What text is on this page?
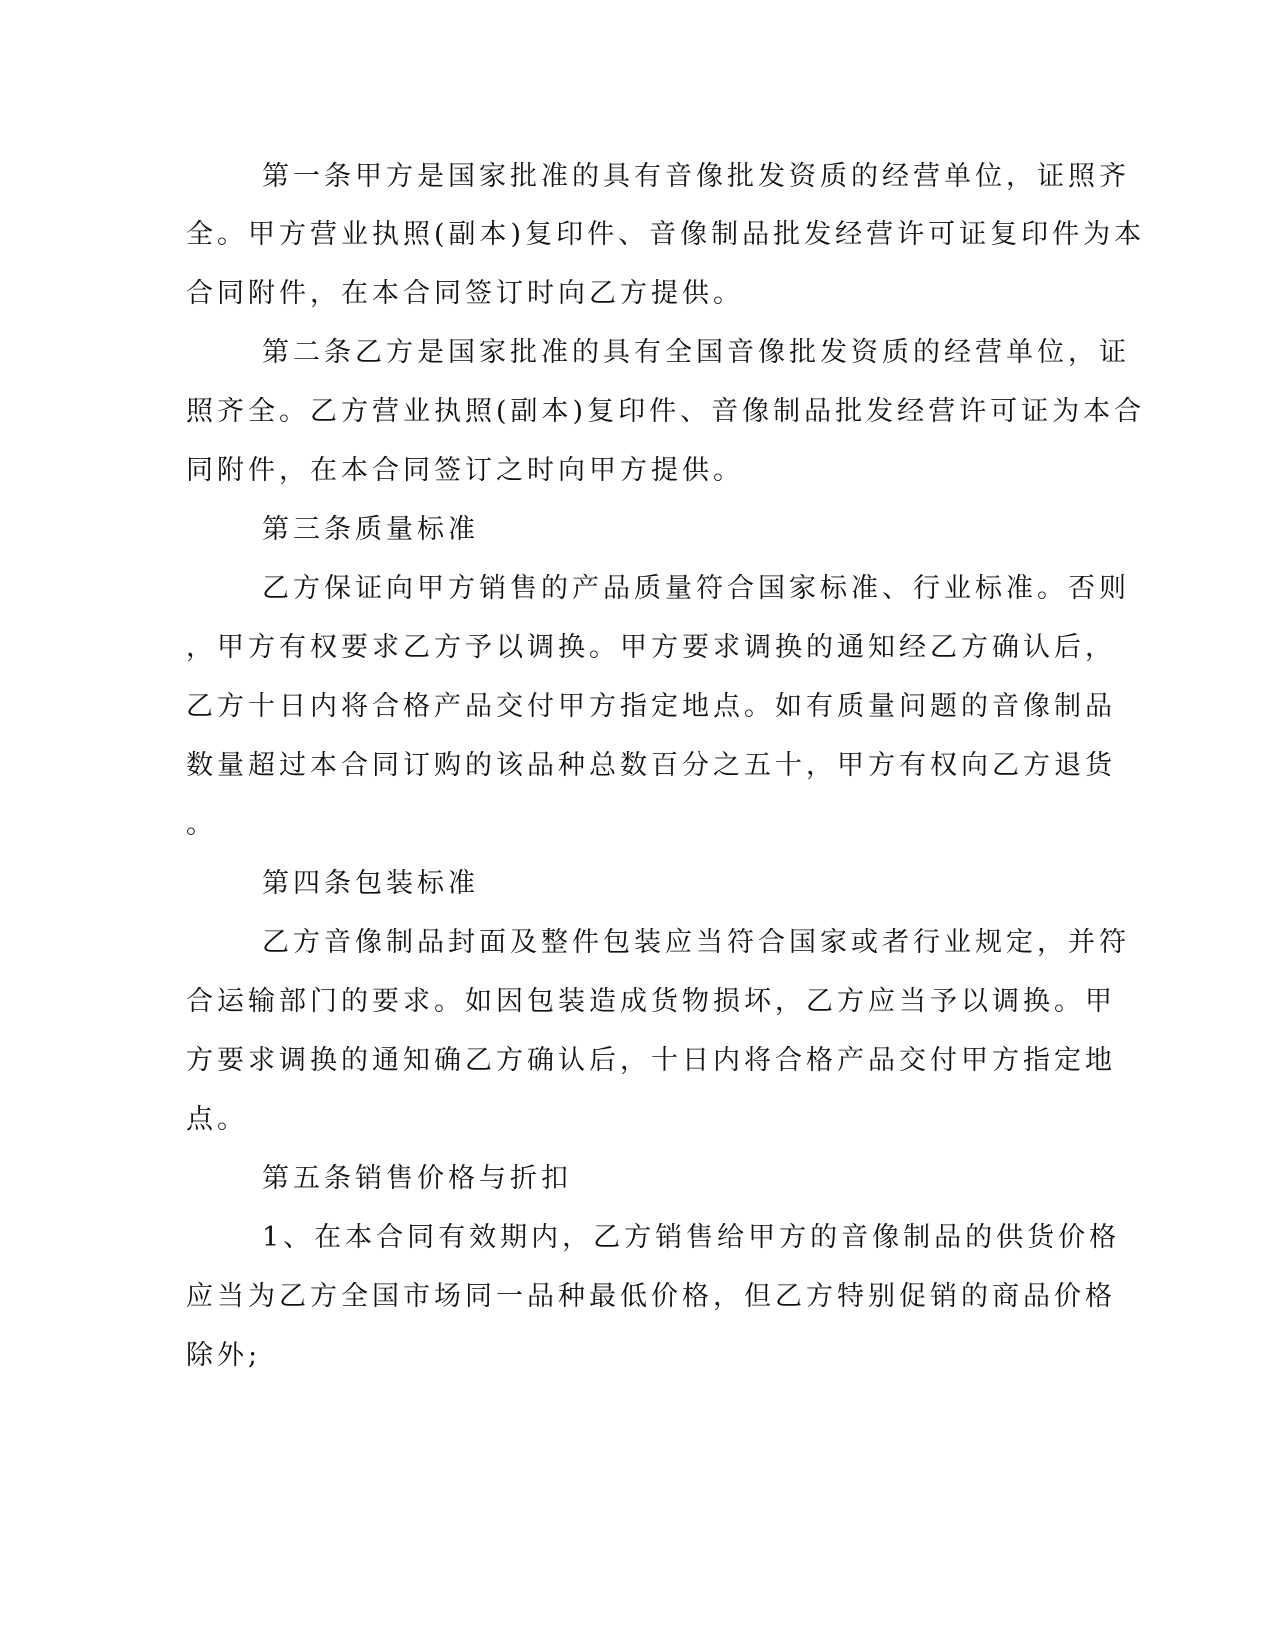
第一条甲方是国家批准的具有音像批发资质的经营单位，证照齐
全。甲方营业执照(副本)复印件、音像制品批发经营许可证复印件为本
合同附件，在本合同签订时向乙方提供。
第二条乙方是国家批准的具有全国音像批发资质的经营单位，证
照齐全。乙方营业执照(副本)复印件、音像制品批发经营许可证为本合
同附件，在本合同签订之时向甲方提供。
第三条质量标准
乙方保证向甲方销售的产品质量符合国家标准、行业标准。否则
，甲方有权要求乙方予以调换。甲方要求调换的通知经乙方确认后，
乙方十日内将合格产品交付甲方指定地点。如有质量问题的音像制品
数量超过本合同订购的该品种总数百分之五十，甲方有权向乙方退货
。
第四条包装标准
乙方音像制品封面及整件包装应当符合国家或者行业规定，并符
合运输部门的要求。如因包装造成货物损坏，乙方应当予以调换。甲
方要求调换的通知确乙方确认后，十日内将合格产品交付甲方指定地
点。
第五条销售价格与折扣
1、在本合同有效期内，乙方销售给甲方的音像制品的供货价格
应当为乙方全国市场同一品种最低价格，但乙方特别促销的商品价格
除外;
